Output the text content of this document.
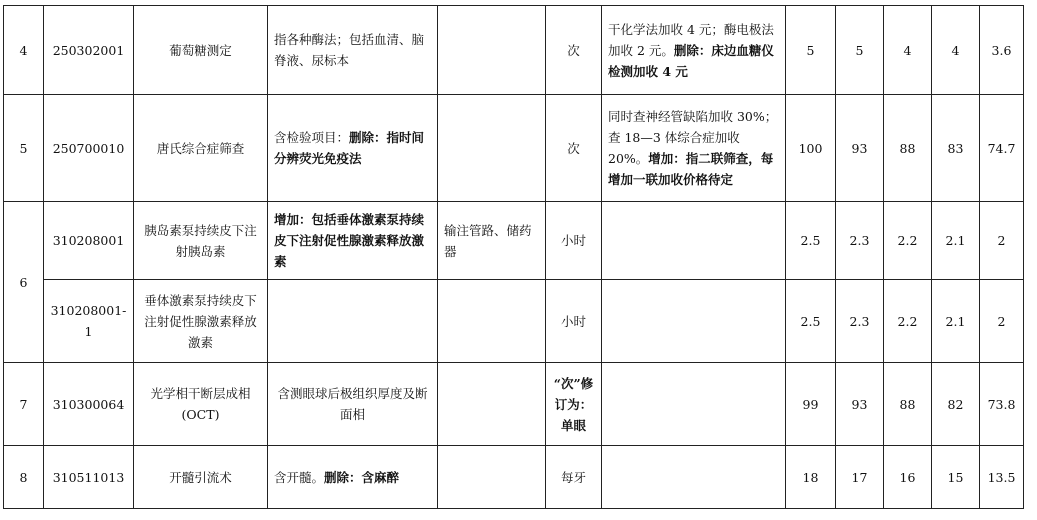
4	250302001	葡萄糖测定	指各种酶法；包括血清、脑脊液、尿标本		次	干化学法加收 4 元；酶电极法加收 2 元。删除：床边血糖仪检测加收 4 元	5	5	4	4	3.6
5	250700010	唐氏综合症筛查	含检验项目：删除：指时间分辨荧光免疫法		次	同时查神经管缺陷加收 30%；查 18—3 体综合症加收 20%。增加：指二联筛查，每增加一联加收价格待定	100	93	88	83	74.7
6	310208001	胰岛素泵持续皮下注射胰岛素	增加：包括垂体激素泵持续皮下注射促性腺激素释放激素	输注管路、储药器	小时		2.5	2.3	2.2	2.1	2
	310208001-1	垂体激素泵持续皮下注射促性腺激素释放激素			小时		2.5	2.3	2.2	2.1	2
7	310300064	光学相干断层成相(OCT)	含测眼球后极组织厚度及断面相		“次”修订为：单眼		99	93	88	82	73.8
8	310511013	开髓引流术	含开髓。删除：含麻醉		每牙		18	17	16	15	13.5
